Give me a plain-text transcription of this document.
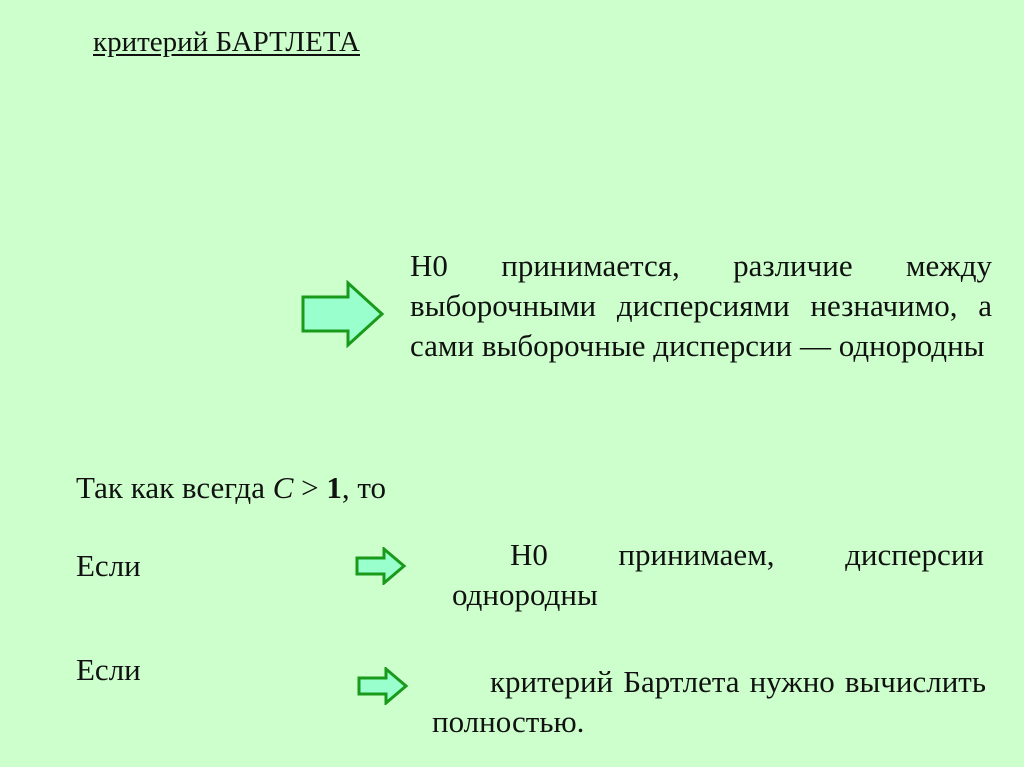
критерий БАРТЛЕТА
Н0 принимается, различие между выборочными дисперсиями незначимо, а сами выборочные дисперсии — однородны
Так как всегда C > 1, то
Если	Н0 принимаем, дисперсии однородны
Если	критерий Бартлета нужно вычислить полностью.
